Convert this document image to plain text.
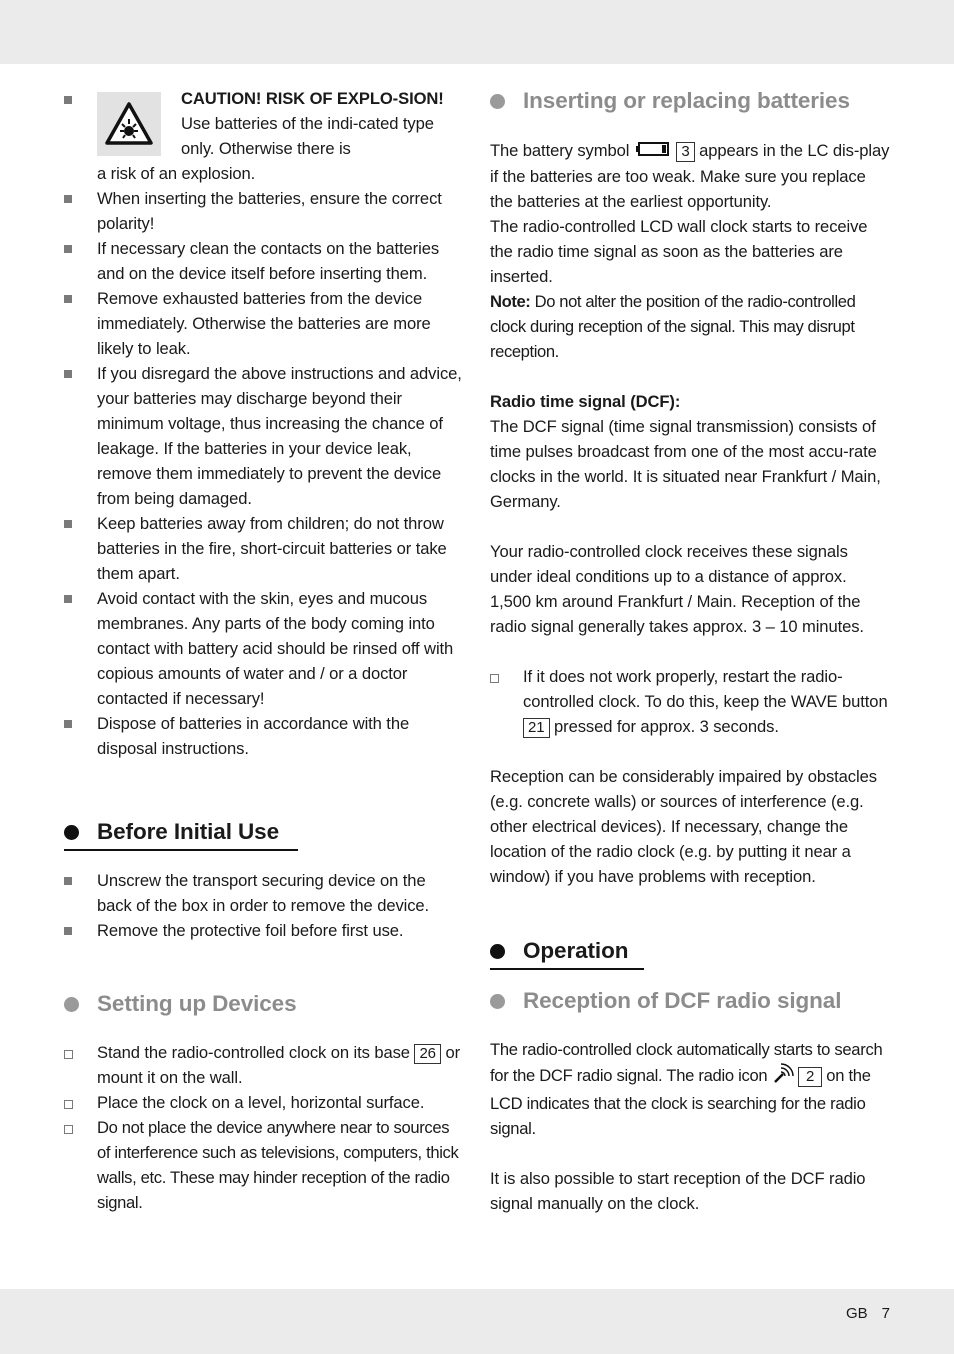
CAUTION! RISK OF EXPLO-SION! Use batteries of the indi-cated type only. Otherwise there is
a risk of an explosion.
When inserting the batteries, ensure the correct polarity!
If necessary clean the contacts on the batteries and on the device itself before inserting them.
Remove exhausted batteries from the device immediately. Otherwise the batteries are more likely to leak.
If you disregard the above instructions and advice, your batteries may discharge beyond their minimum voltage, thus increasing the chance of leakage. If the batteries in your device leak, remove them immediately to prevent the device from being damaged.
Keep batteries away from children; do not throw batteries in the fire, short-circuit batteries or take them apart.
Avoid contact with the skin, eyes and mucous membranes. Any parts of the body coming into contact with battery acid should be rinsed off with copious amounts of water and / or a doctor contacted if necessary!
Dispose of batteries in accordance with the disposal instructions.
Before Initial Use
Unscrew the transport securing device on the back of the box in order to remove the device.
Remove the protective foil before first use.
Setting up Devices
Stand the radio-controlled clock on its base 26 or mount it on the wall.
Place the clock on a level, horizontal surface.
Do not place the device anywhere near to sources of interference such as televisions, computers, thick walls, etc. These may hinder reception of the radio signal.
Inserting or replacing batteries
The battery symbol	3 appears in the LC dis-play if the batteries are too weak. Make sure you replace the batteries at the earliest opportunity.
The radio-controlled LCD wall clock starts to receive the radio time signal as soon as the batteries are inserted.
Note: Do not alter the position of the radio-controlled clock during reception of the signal. This may disrupt reception.
Radio time signal (DCF):
The DCF signal (time signal transmission) consists of time pulses broadcast from one of the most accu-rate clocks in the world. It is situated near Frankfurt / Main, Germany.
Your radio-controlled clock receives these signals under ideal conditions up to a distance of approx. 1,500 km around Frankfurt / Main. Reception of the radio signal generally takes approx. 3 – 10 minutes.
If it does not work properly, restart the radio-controlled clock. To do this, keep the WAVE button 21 pressed for approx. 3 seconds.
Reception can be considerably impaired by obstacles (e.g. concrete walls) or sources of interference (e.g. other electrical devices). If necessary, change the location of the radio clock (e.g. by putting it near a window) if you have problems with reception.
Operation
Reception of DCF radio signal
The radio-controlled clock automatically starts to search for the DCF radio signal. The radio icon	2 on the LCD indicates that the clock is searching for the radio signal.
It is also possible to start reception of the DCF radio signal manually on the clock.
GB 7
